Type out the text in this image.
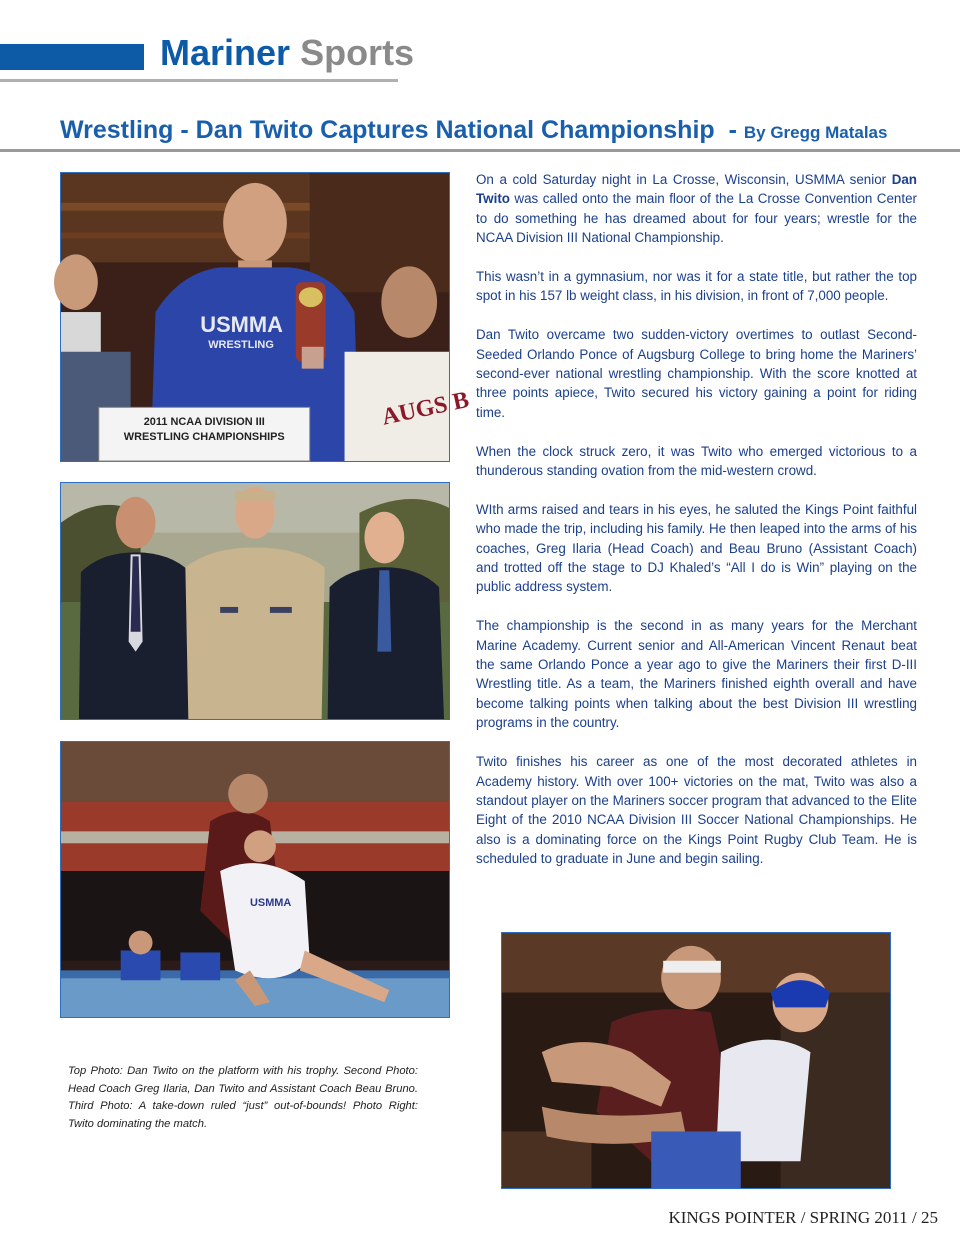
Mariner Sports
Wrestling - Dan Twito Captures National Championship - By Gregg Matalas
USMMA
WRESTLING
AUGS B
2011 NCAA DIVISION III
WRESTLING CHAMPIONSHIPS
USMMA

On a cold Saturday night in La Crosse, Wisconsin, USMMA senior Dan Twito was called onto the main floor of the La Crosse Convention Center to do something he has dreamed about for four years; wrestle for the NCAA Division III National Championship.

This wasn’t in a gymnasium, nor was it for a state title, but rather the top spot in his 157 lb weight class, in his division, in front of 7,000 people.

Dan Twito overcame two sudden-victory overtimes to outlast Second-Seeded Orlando Ponce of Augsburg College to bring home the Mariners’ second-ever national wrestling championship. With the score knotted at three points apiece, Twito secured his victory gaining a point for riding time.

When the clock struck zero, it was Twito who emerged victorious to a thunderous standing ovation from the mid-western crowd.

WIth arms raised and tears in his eyes, he saluted the Kings Point faithful who made the trip, including his family. He then leaped into the arms of his coaches, Greg Ilaria (Head Coach) and Beau Bruno (Assistant Coach) and trotted off the stage to DJ Khaled’s “All I do is Win” playing on the public address system.

The championship is the second in as many years for the Merchant Marine Academy. Current senior and All-American Vincent Renaut beat the same Orlando Ponce a year ago to give the Mariners their first D-III Wrestling title. As a team, the Mariners finished eighth overall and have become talking points when talking about the best Division III wrestling programs in the country.

Twito finishes his career as one of the most decorated athletes in Academy history. With over 100+ victories on the mat, Twito was also a standout player on the Mariners soccer program that advanced to the Elite Eight of the 2010 NCAA Division III Soccer National Championships. He also is a dominating force on the Kings Point Rugby Club Team. He is scheduled to graduate in June and begin sailing.

Top Photo: Dan Twito on the platform with his trophy. Second Photo: Head Coach Greg Ilaria, Dan Twito and Assistant Coach Beau Bruno. Third Photo: A take-down ruled “just” out-of-bounds! Photo Right: Twito dominating the match.
KINGS POINTER / SPRING 2011 / 25
